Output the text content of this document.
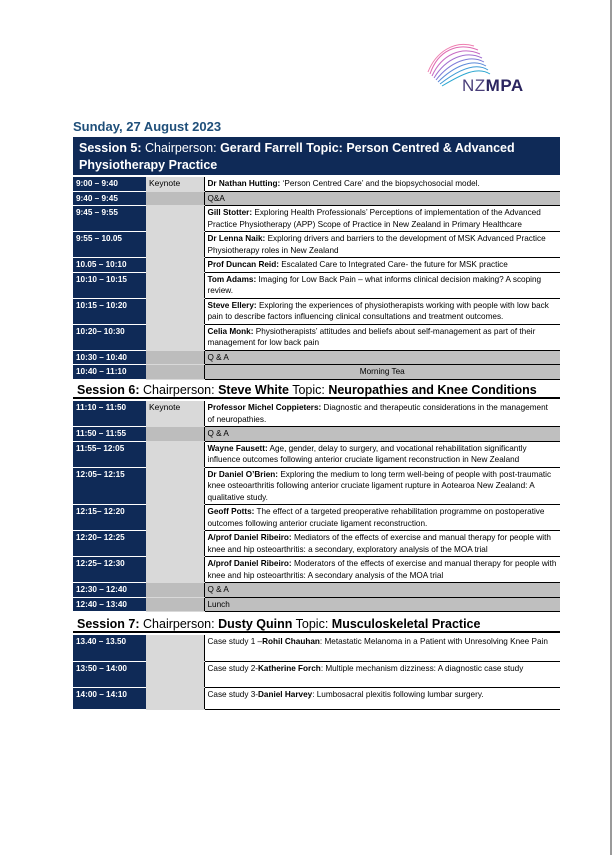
NZMPA
Sunday, 27 August 2023
Session 5: Chairperson: Gerard Farrell Topic: Person Centred & Advanced Physiotherapy Practice
9:00 – 9:40	Keynote	Dr Nathan Hutting: ‘Person Centred Care’ and the biopsychosocial model.
9:40 – 9:45		Q&A
9:45 – 9:55		Gill Stotter: Exploring Health Professionals’ Perceptions of implementation of the Advanced Practice Physiotherapy (APP) Scope of Practice in New Zealand in Primary Healthcare
9:55 – 10.05		Dr Lenna Naik: Exploring drivers and barriers to the development of MSK Advanced Practice Physiotherapy roles in New Zealand
10.05 – 10:10		Prof Duncan Reid: Escalated Care to Integrated Care- the future for MSK practice
10:10 – 10:15		Tom Adams: Imaging for Low Back Pain – what informs clinical decision making? A scoping review.
10:15 – 10:20		Steve Ellery: Exploring the experiences of physiotherapists working with people with low back pain to describe factors influencing clinical consultations and treatment outcomes.
10:20– 10:30		Celia Monk: Physiotherapists’ attitudes and beliefs about self-management as part of their management for low back pain
10:30 – 10:40		Q & A
10:40 – 11:10		Morning Tea
Session 6: Chairperson: Steve White Topic: Neuropathies and Knee Conditions
11:10 – 11:50	Keynote	Professor Michel Coppieters: Diagnostic and therapeutic considerations in the management of neuropathies.
11:50 – 11:55		Q & A
11:55– 12:05		Wayne Fausett: Age, gender, delay to surgery, and vocational rehabilitation significantly influence outcomes following anterior cruciate ligament reconstruction in New Zealand
12:05– 12:15		Dr Daniel O’Brien: Exploring the medium to long term well-being of people with post-traumatic knee osteoarthritis following anterior cruciate ligament rupture in Aotearoa New Zealand: A qualitative study.
12:15– 12:20		Geoff Potts: The effect of a targeted preoperative rehabilitation programme on postoperative outcomes following anterior cruciate ligament reconstruction.
12:20– 12:25		A/prof Daniel Ribeiro: Mediators of the effects of exercise and manual therapy for people with knee and hip osteoarthritis: a secondary, exploratory analysis of the MOA trial
12:25– 12:30		A/prof Daniel Ribeiro: Moderators of the effects of exercise and manual therapy for people with knee and hip osteoarthritis: A secondary analysis of the MOA trial
12:30 – 12:40		Q & A
12:40 – 13:40		Lunch
Session 7: Chairperson: Dusty Quinn Topic: Musculoskeletal Practice
13.40 – 13.50		Case study 1 –Rohil Chauhan: Metastatic Melanoma in a Patient with Unresolving Knee Pain
13:50 – 14:00		Case study 2-Katherine Forch: Multiple mechanism dizziness: A diagnostic case study
14:00 – 14:10		Case study 3-Daniel Harvey: Lumbosacral plexitis following lumbar surgery.
